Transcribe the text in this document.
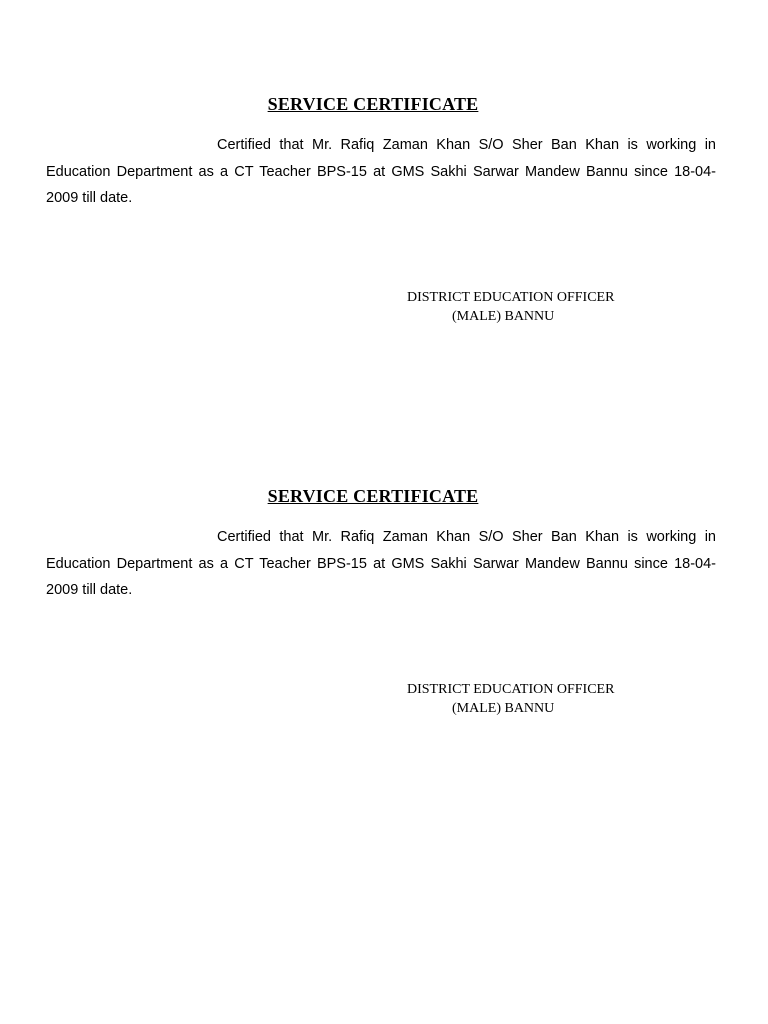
SERVICE CERTIFICATE

Certified that Mr. Rafiq Zaman Khan S/O Sher Ban Khan is working in Education Department as a CT Teacher BPS-15 at GMS Sakhi Sarwar Mandew Bannu since 18-04-2009 till date.

DISTRICT EDUCATION OFFICER
(MALE) BANNU
SERVICE CERTIFICATE

Certified that Mr. Rafiq Zaman Khan S/O Sher Ban Khan is working in Education Department as a CT Teacher BPS-15 at GMS Sakhi Sarwar Mandew Bannu since 18-04-2009 till date.

DISTRICT EDUCATION OFFICER
(MALE) BANNU
